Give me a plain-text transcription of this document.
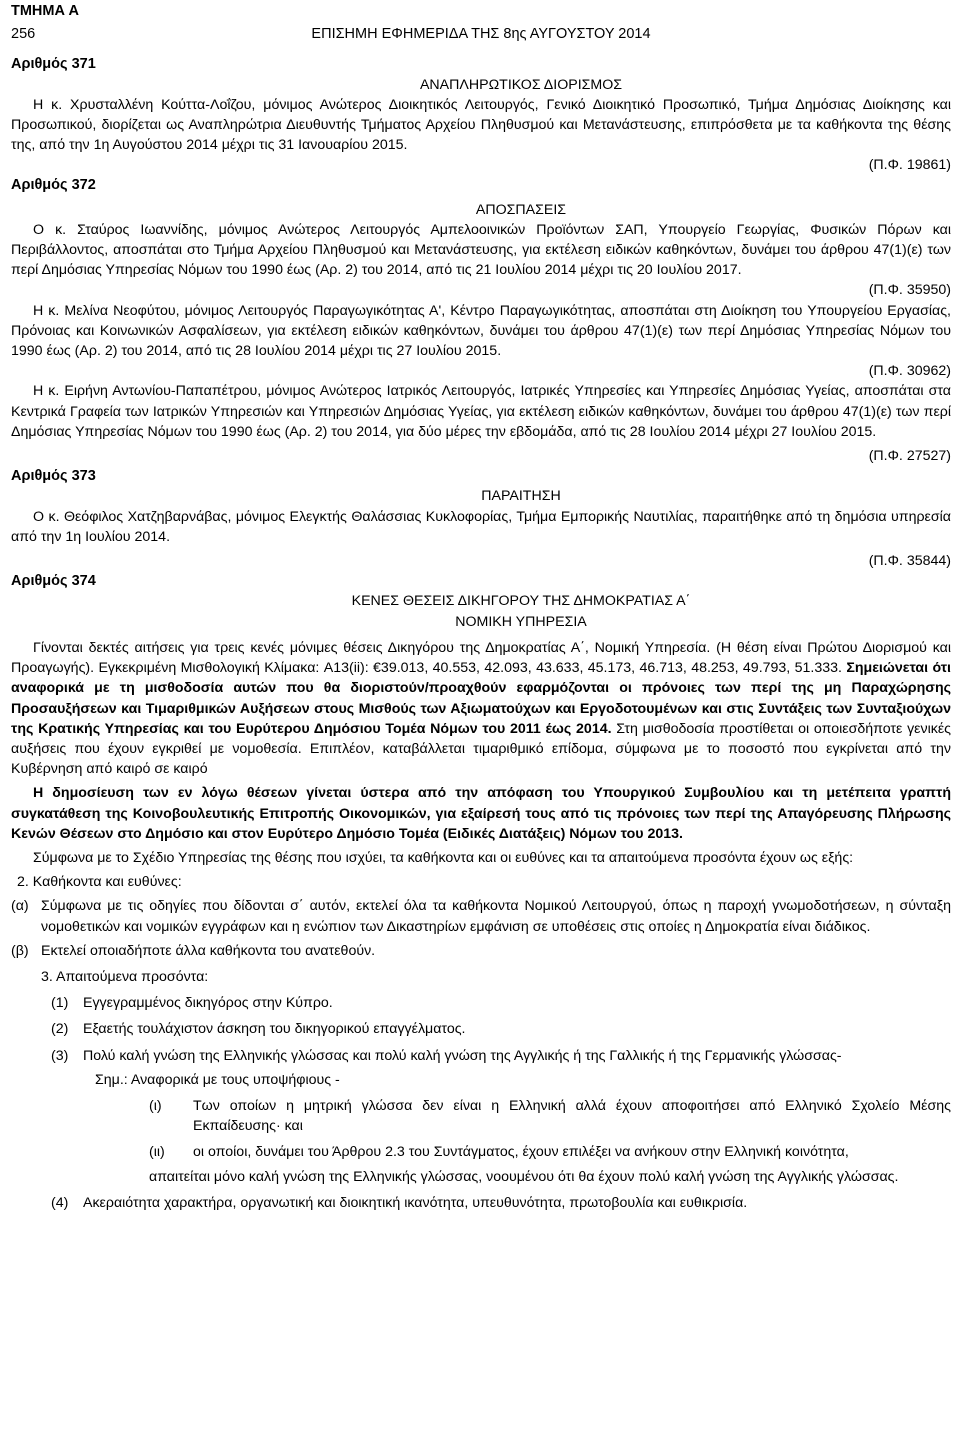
ΤΜΗΜΑ Α
256	ΕΠΙΣΗΜΗ ΕΦΗΜΕΡΙΔΑ ΤΗΣ 8ης ΑΥΓΟΥΣΤΟΥ 2014
Αριθμός 371

ΑΝΑΠΛΗΡΩΤΙΚΟΣ ΔΙΟΡΙΣΜΟΣ

Η κ. Χρυσταλλένη Κούττα-Λοΐζου, μόνιμος Ανώτερος Διοικητικός Λειτουργός, Γενικό Διοικητικό Προσωπικό, Τμήμα Δημόσιας Διοίκησης και Προσωπικού, διορίζεται ως Αναπληρώτρια Διευθυντής Τμήματος Αρχείου Πληθυσμού και Μετανάστευσης, επιπρόσθετα με τα καθήκοντα της θέσης της, από την 1η Αυγούστου 2014 μέχρι τις 31 Ιανουαρίου 2015.

(Π.Φ. 19861)
Αριθμός 372

ΑΠΟΣΠΑΣΕΙΣ

Ο κ. Σταύρος Ιωαννίδης, μόνιμος Ανώτερος Λειτουργός Αμπελοοινικών Προϊόντων ΣΑΠ, Υπουργείο Γεωργίας, Φυσικών Πόρων και Περιβάλλοντος, αποσπάται στο Τμήμα Αρχείου Πληθυσμού και Μετανάστευσης, για εκτέλεση ειδικών καθηκόντων, δυνάμει του άρθρου 47(1)(ε) των περί Δημόσιας Υπηρεσίας Νόμων του 1990 έως (Αρ. 2) του 2014, από τις 21 Ιουλίου 2014 μέχρι τις 20 Ιουλίου 2017.

(Π.Φ. 35950)

Η κ. Μελίνα Νεοφύτου, μόνιμος Λειτουργός Παραγωγικότητας Α', Κέντρο Παραγωγικότητας, αποσπάται στη Διοίκηση του Υπουργείου Εργασίας, Πρόνοιας και Κοινωνικών Ασφαλίσεων, για εκτέλεση ειδικών καθηκόντων, δυνάμει του άρθρου 47(1)(ε) των περί Δημόσιας Υπηρεσίας Νόμων του 1990 έως (Αρ. 2) του 2014, από τις 28 Ιουλίου 2014 μέχρι τις 27 Ιουλίου 2015.

(Π.Φ. 30962)

Η κ. Ειρήνη Αντωνίου-Παπαπέτρου, μόνιμος Ανώτερος Ιατρικός Λειτουργός, Ιατρικές Υπηρεσίες και Υπηρεσίες Δημόσιας Υγείας, αποσπάται στα Κεντρικά Γραφεία των Ιατρικών Υπηρεσιών και Υπηρεσιών Δημόσιας Υγείας, για εκτέλεση ειδικών καθηκόντων, δυνάμει του άρθρου 47(1)(ε) των περί Δημόσιας Υπηρεσίας Νόμων του 1990 έως (Αρ. 2) του 2014, για δύο μέρες την εβδομάδα, από τις 28 Ιουλίου 2014 μέχρι 27 Ιουλίου 2015.

(Π.Φ. 27527)

Αριθμός 373

ΠΑΡΑΙΤΗΣΗ

Ο κ. Θεόφιλος Χατζηβαρνάβας, μόνιμος Ελεγκτής Θαλάσσιας Κυκλοφορίας, Τμήμα Εμπορικής Ναυτιλίας, παραιτήθηκε από τη δημόσια υπηρεσία από την 1η Ιουλίου 2014.

(Π.Φ. 35844)

Αριθμός 374

ΚΕΝΕΣ ΘΕΣΕΙΣ ΔΙΚΗΓΟΡΟΥ ΤΗΣ ΔΗΜΟΚΡΑΤΙΑΣ Α΄

ΝΟΜΙΚΗ ΥΠΗΡΕΣΙΑ

Γίνονται δεκτές αιτήσεις για τρεις κενές μόνιμες θέσεις Δικηγόρου της Δημοκρατίας Α΄, Νομική Υπηρεσία. (Η θέση είναι Πρώτου Διορισμού και Προαγωγής). Εγκεκριμένη Μισθολογική Κλίμακα: A13(ii): €39.013, 40.553, 42.093, 43.633, 45.173, 46.713, 48.253, 49.793, 51.333. Σημειώνεται ότι αναφορικά με τη μισθοδοσία αυτών που θα διοριστούν/προαχθούν εφαρμόζονται οι πρόνοιες των περί της μη Παραχώρησης Προσαυξήσεων και Τιμαριθμικών Αυξήσεων στους Μισθούς των Αξιωματούχων και Εργοδοτουμένων και στις Συντάξεις των Συνταξιούχων της Κρατικής Υπηρεσίας και του Ευρύτερου Δημόσιου Τομέα Νόμων του 2011 έως 2014. Στη μισθοδοσία προστίθεται οι οποιεσδήποτε γενικές αυξήσεις που έχουν εγκριθεί με νομοθεσία. Επιπλέον, καταβάλλεται τιμαριθμικό επίδομα, σύμφωνα με το ποσοστό που εγκρίνεται από την Κυβέρνηση από καιρό σε καιρό

Η δημοσίευση των εν λόγω θέσεων γίνεται ύστερα από την απόφαση του Υπουργικού Συμβουλίου και τη μετέπειτα γραπτή συγκατάθεση της Κοινοβουλευτικής Επιτροπής Οικονομικών, για εξαίρεσή τους από τις πρόνοιες των περί της Απαγόρευσης Πλήρωσης Κενών Θέσεων στο Δημόσιο και στον Ευρύτερο Δημόσιο Τομέα (Ειδικές Διατάξεις) Νόμων του 2013.

Σύμφωνα με το Σχέδιο Υπηρεσίας της θέσης που ισχύει, τα καθήκοντα και οι ευθύνες και τα απαιτούμενα προσόντα έχουν ως εξής:

2. Καθήκοντα και ευθύνες:

(α) Σύμφωνα με τις οδηγίες που δίδονται σ΄ αυτόν, εκτελεί όλα τα καθήκοντα Νομικού Λειτουργού, όπως η παροχή γνωμοδοτήσεων, η σύνταξη νομοθετικών και νομικών εγγράφων και η ενώπιον των Δικαστηρίων εμφάνιση σε υποθέσεις στις οποίες η Δημοκρατία είναι διάδικος.
(β) Εκτελεί οποιαδήποτε άλλα καθήκοντα του ανατεθούν.

3. Απαιτούμενα προσόντα:

(1) Εγγεγραμμένος δικηγόρος στην Κύπρο.
(2) Εξαετής τουλάχιστον άσκηση του δικηγορικού επαγγέλματος.
(3) Πολύ καλή γνώση της Ελληνικής γλώσσας και πολύ καλή γνώση της Αγγλικής ή της Γαλλικής ή της Γερμανικής γλώσσας-

Σημ.: Αναφορικά με τους υποψήφιους -

(ι) Των οποίων η μητρική γλώσσα δεν είναι η Ελληνική αλλά έχουν αποφοιτήσει από Ελληνικό Σχολείο Μέσης Εκπαίδευσης· και
(ιι) οι οποίοι, δυνάμει του Άρθρου 2.3 του Συντάγματος, έχουν επιλέξει να ανήκουν στην Ελληνική κοινότητα,

απαιτείται μόνο καλή γνώση της Ελληνικής γλώσσας, νοουμένου ότι θα έχουν πολύ καλή γνώση της Αγγλικής γλώσσας.

(4) Ακεραιότητα χαρακτήρα, οργανωτική και διοικητική ικανότητα, υπευθυνότητα, πρωτοβουλία και ευθικρισία.
